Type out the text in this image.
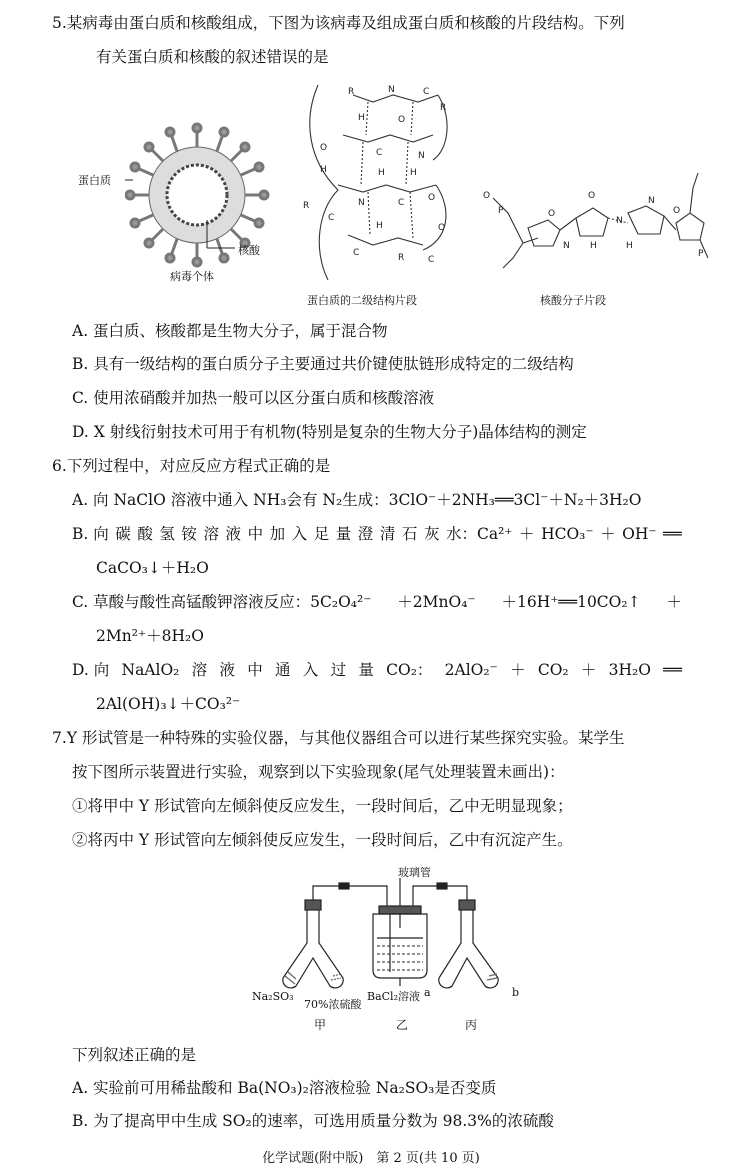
5.某病毒由蛋白质和核酸组成，下图为该病毒及组成蛋白质和核酸的片段结构。下列
有关蛋白质和核酸的叙述错误的是
蛋白质
核酸
病毒个体
R	N	C
R
H	O
O
H
C	N
H	H
R
C
N	C	O
H
C	R	C
O
蛋白质的二级结构片段
O
P	O
O
N H
N
H
N
O
P
核酸分子片段
A. 蛋白质、核酸都是生物大分子，属于混合物
B. 具有一级结构的蛋白质分子主要通过共价键使肽链形成特定的二级结构
C. 使用浓硝酸并加热一般可以区分蛋白质和核酸溶液
D. X 射线衍射技术可用于有机物(特别是复杂的生物大分子)晶体结构的测定
6.下列过程中，对应反应方程式正确的是
A. 向 NaClO 溶液中通入 NH₃会有 N₂生成：3ClO⁻＋2NH₃══3Cl⁻＋N₂＋3H₂O
B. 向 碳 酸 氢 铵 溶 液 中 加 入 足 量 澄 清 石 灰 水：Ca²⁺ ＋ HCO₃⁻ ＋ OH⁻ ══
CaCO₃↓＋H₂O
C. 草酸与酸性高锰酸钾溶液反应：5C₂O₄²⁻ ＋2MnO₄⁻ ＋16H⁺══10CO₂↑ ＋
2Mn²⁺＋8H₂O
D. 向 NaAlO₂ 溶 液 中 通 入 过 量 CO₂： 2AlO₂⁻ ＋ CO₂ ＋ 3H₂O ══
2Al(OH)₃↓＋CO₃²⁻
7.Y 形试管是一种特殊的实验仪器，与其他仪器组合可以进行某些探究实验。某学生
按下图所示装置进行实验，观察到以下实验现象(尾气处理装置未画出)：
①将甲中 Y 形试管向左倾斜使反应发生，一段时间后，乙中无明显现象；
②将丙中 Y 形试管向左倾斜使反应发生，一段时间后，乙中有沉淀产生。
玻璃管
Na₂SO₃
70%浓硫酸
BaCl₂溶液 a	b
甲	乙	丙
下列叙述正确的是
A. 实验前可用稀盐酸和 Ba(NO₃)₂溶液检验 Na₂SO₃是否变质
B. 为了提高甲中生成 SO₂的速率，可选用质量分数为 98.3%的浓硫酸
化学试题(附中版)　第 2 页(共 10 页)
